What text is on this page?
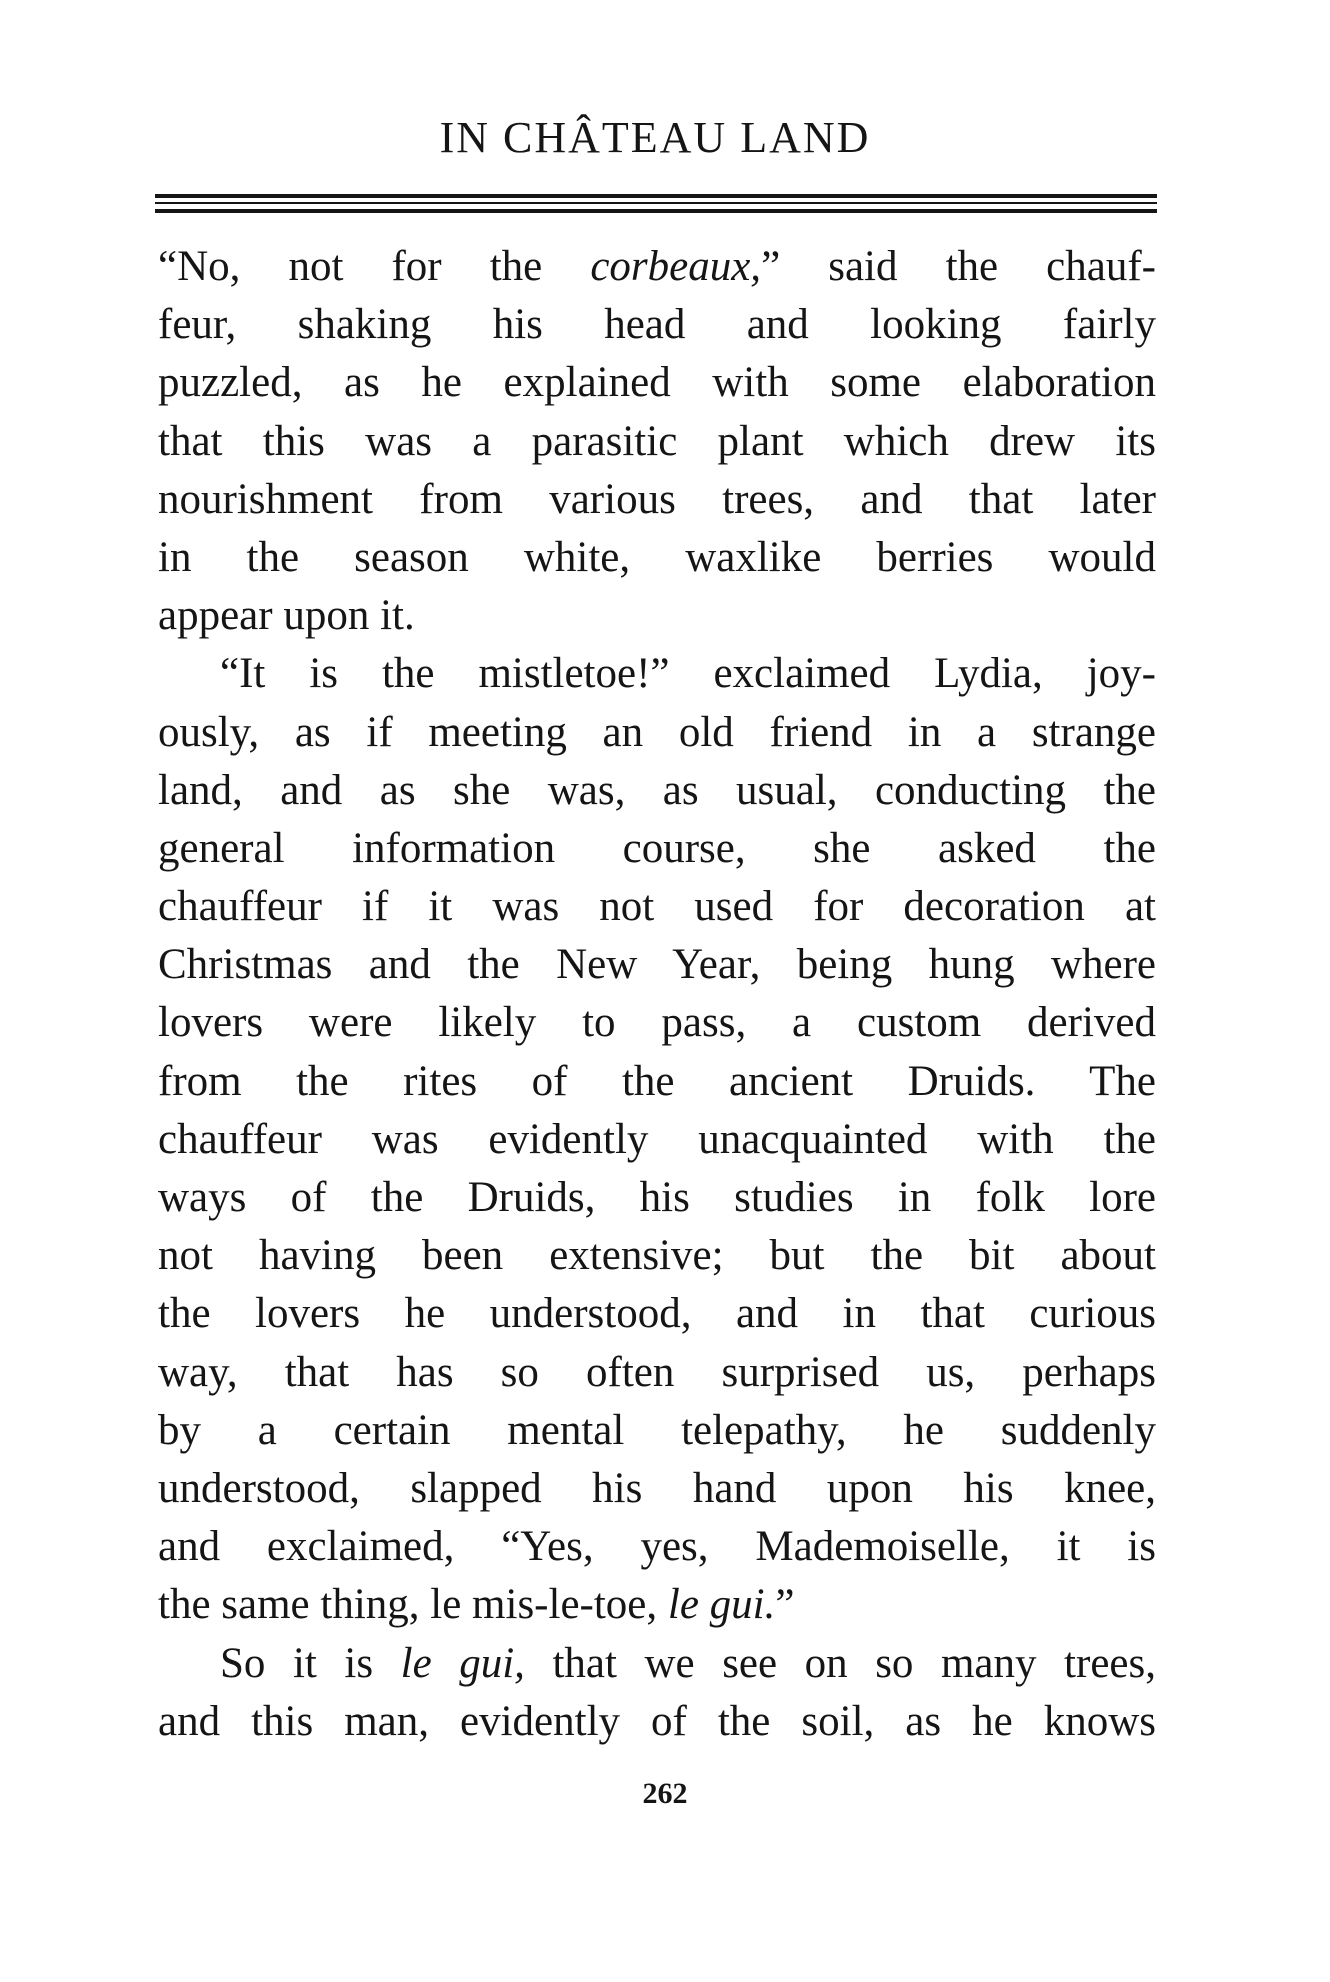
IN CHÂTEAU LAND
“No, not for the corbeaux,” said the chauf-
feur, shaking his head and looking fairly
puzzled, as he explained with some elaboration
that this was a parasitic plant which drew its
nourishment from various trees, and that later
in the season white, waxlike berries would
appear upon it.
“It is the mistletoe!” exclaimed Lydia, joy-
ously, as if meeting an old friend in a strange
land, and as she was, as usual, conducting the
general information course, she asked the
chauffeur if it was not used for decoration at
Christmas and the New Year, being hung where
lovers were likely to pass, a custom derived
from the rites of the ancient Druids. The
chauffeur was evidently unacquainted with the
ways of the Druids, his studies in folk lore
not having been extensive; but the bit about
the lovers he understood, and in that curious
way, that has so often surprised us, perhaps
by a certain mental telepathy, he suddenly
understood, slapped his hand upon his knee,
and exclaimed, “Yes, yes, Mademoiselle, it is
the same thing, le mis-le-toe, le gui.”
So it is le gui, that we see on so many trees,
and this man, evidently of the soil, as he knows
262
